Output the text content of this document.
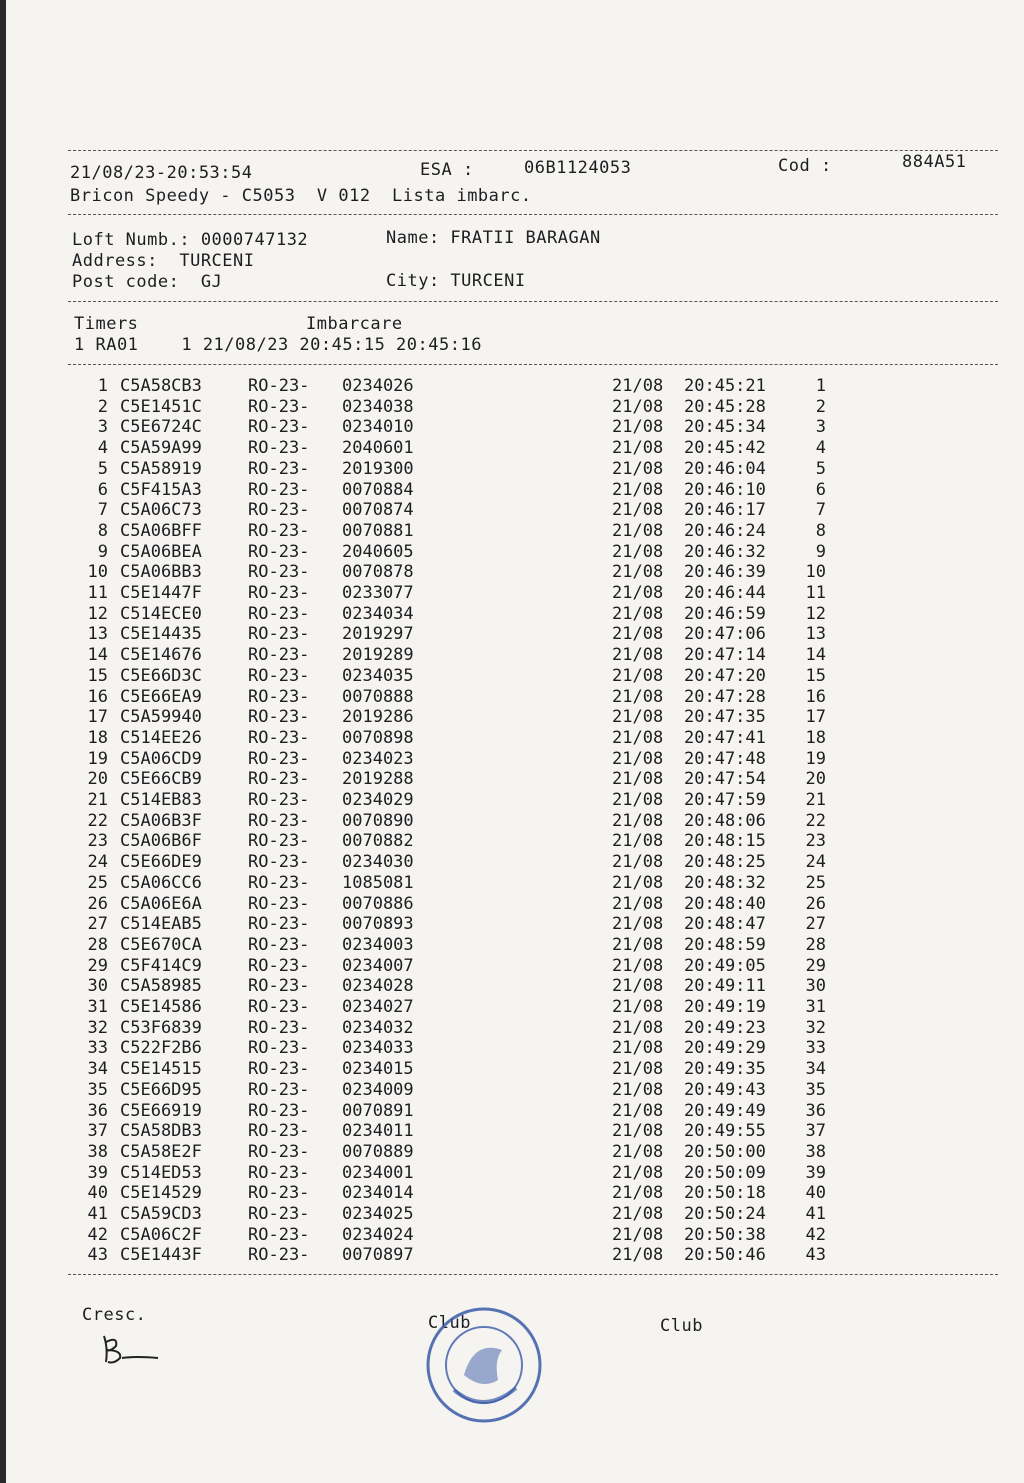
21/08/23-20:53:54	ESA :	06B1124053	Cod :	884A51
Bricon Speedy - C5053  V 012  Lista imbarc.
Loft Numb.: 0000747132	Name: FRATII BARAGAN
Address:  TURCENI
Post code:  GJ	City: TURCENI
Timers	Imbarcare
1 RA01    1 21/08/23 20:45:15 20:45:16
1 C5A58CB3	RO-23- 0234026	21/08 20:45:21	1
2 C5E1451C	RO-23- 0234038	21/08 20:45:28	2
3 C5E6724C	RO-23- 0234010	21/08 20:45:34	3
4 C5A59A99	RO-23- 2040601	21/08 20:45:42	4
5 C5A58919	RO-23- 2019300	21/08 20:46:04	5
6 C5F415A3	RO-23- 0070884	21/08 20:46:10	6
7 C5A06C73	RO-23- 0070874	21/08 20:46:17	7
8 C5A06BFF	RO-23- 0070881	21/08 20:46:24	8
9 C5A06BEA	RO-23- 2040605	21/08 20:46:32	9
10 C5A06BB3	RO-23- 0070878	21/08 20:46:39	10
11 C5E1447F	RO-23- 0233077	21/08 20:46:44	11
12 C514ECE0	RO-23- 0234034	21/08 20:46:59	12
13 C5E14435	RO-23- 2019297	21/08 20:47:06	13
14 C5E14676	RO-23- 2019289	21/08 20:47:14	14
15 C5E66D3C	RO-23- 0234035	21/08 20:47:20	15
16 C5E66EA9	RO-23- 0070888	21/08 20:47:28	16
17 C5A59940	RO-23- 2019286	21/08 20:47:35	17
18 C514EE26	RO-23- 0070898	21/08 20:47:41	18
19 C5A06CD9	RO-23- 0234023	21/08 20:47:48	19
20 C5E66CB9	RO-23- 2019288	21/08 20:47:54	20
21 C514EB83	RO-23- 0234029	21/08 20:47:59	21
22 C5A06B3F	RO-23- 0070890	21/08 20:48:06	22
23 C5A06B6F	RO-23- 0070882	21/08 20:48:15	23
24 C5E66DE9	RO-23- 0234030	21/08 20:48:25	24
25 C5A06CC6	RO-23- 1085081	21/08 20:48:32	25
26 C5A06E6A	RO-23- 0070886	21/08 20:48:40	26
27 C514EAB5	RO-23- 0070893	21/08 20:48:47	27
28 C5E670CA	RO-23- 0234003	21/08 20:48:59	28
29 C5F414C9	RO-23- 0234007	21/08 20:49:05	29
30 C5A58985	RO-23- 0234028	21/08 20:49:11	30
31 C5E14586	RO-23- 0234027	21/08 20:49:19	31
32 C53F6839	RO-23- 0234032	21/08 20:49:23	32
33 C522F2B6	RO-23- 0234033	21/08 20:49:29	33
34 C5E14515	RO-23- 0234015	21/08 20:49:35	34
35 C5E66D95	RO-23- 0234009	21/08 20:49:43	35
36 C5E66919	RO-23- 0070891	21/08 20:49:49	36
37 C5A58DB3	RO-23- 0234011	21/08 20:49:55	37
38 C5A58E2F	RO-23- 0070889	21/08 20:50:00	38
39 C514ED53	RO-23- 0234001	21/08 20:50:09	39
40 C5E14529	RO-23- 0234014	21/08 20:50:18	40
41 C5A59CD3	RO-23- 0234025	21/08 20:50:24	41
42 C5A06C2F	RO-23- 0234024	21/08 20:50:38	42
43 C5E1443F	RO-23- 0070897	21/08 20:50:46	43
Cresc.	Club	Club
